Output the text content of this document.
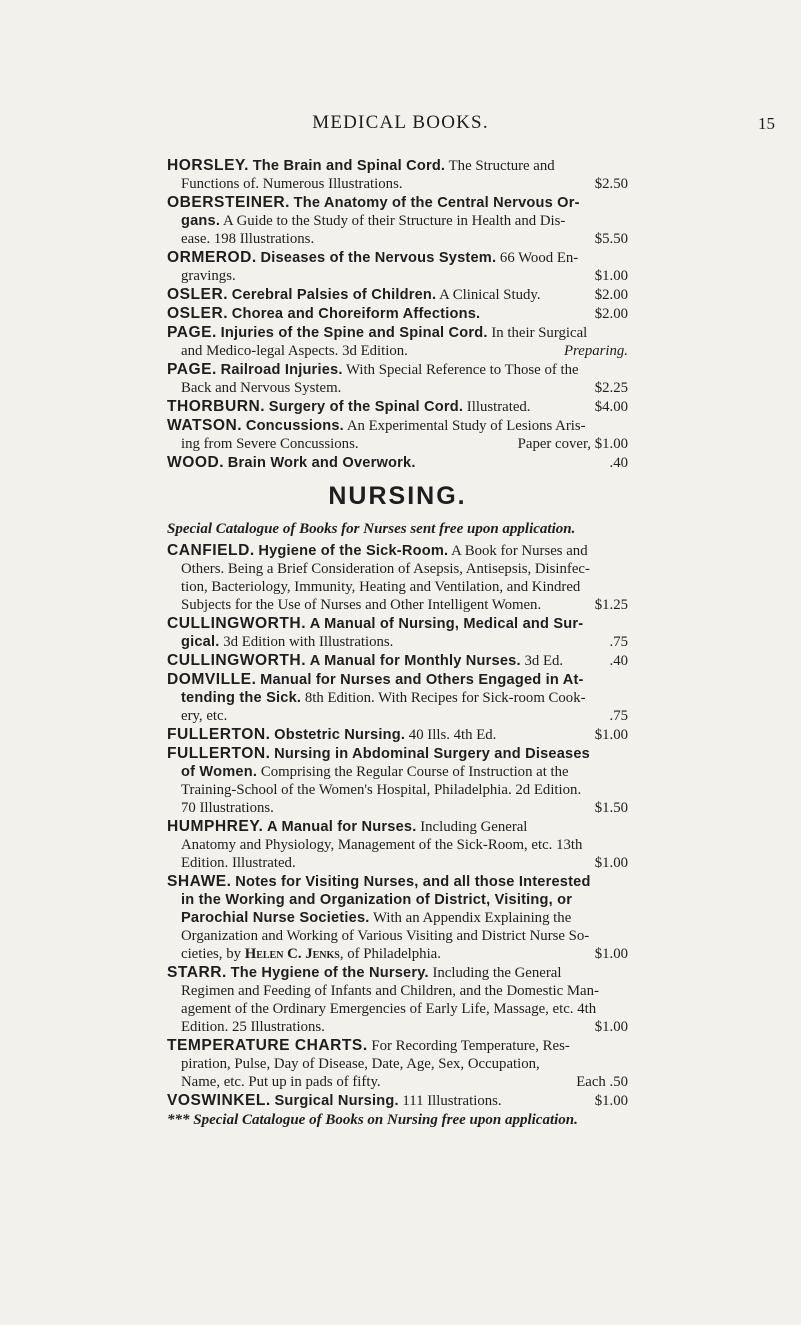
MEDICAL BOOKS.	15

HORSLEY. The Brain and Spinal Cord. The Structure and
Functions of. Numerous Illustrations.	$2.50

OBERSTEINER. The Anatomy of the Central Nervous Or-
gans. A Guide to the Study of their Structure in Health and Dis-
ease. 198 Illustrations.	$5.50

ORMEROD. Diseases of the Nervous System. 66 Wood En-
gravings.	$1.00

OSLER. Cerebral Palsies of Children. A Clinical Study.	$2.00

OSLER. Chorea and Choreiform Affections.	$2.00

PAGE. Injuries of the Spine and Spinal Cord. In their Surgical
and Medico-legal Aspects. 3d Edition.	Preparing.

PAGE. Railroad Injuries. With Special Reference to Those of the
Back and Nervous System.	$2.25

THORBURN. Surgery of the Spinal Cord. Illustrated.	$4.00

WATSON. Concussions. An Experimental Study of Lesions Aris-
ing from Severe Concussions.	Paper cover, $1.00

WOOD. Brain Work and Overwork.	.40

NURSING.
Special Catalogue of Books for Nurses sent free upon application.

CANFIELD. Hygiene of the Sick-Room. A Book for Nurses and
Others. Being a Brief Consideration of Asepsis, Antisepsis, Disinfec-
tion, Bacteriology, Immunity, Heating and Ventilation, and Kindred
Subjects for the Use of Nurses and Other Intelligent Women.	$1.25

CULLINGWORTH. A Manual of Nursing, Medical and Sur-
gical. 3d Edition with Illustrations.	.75

CULLINGWORTH. A Manual for Monthly Nurses. 3d Ed.	.40

DOMVILLE. Manual for Nurses and Others Engaged in At-
tending the Sick. 8th Edition. With Recipes for Sick-room Cook-
ery, etc.	.75

FULLERTON. Obstetric Nursing. 40 Ills. 4th Ed.	$1.00

FULLERTON. Nursing in Abdominal Surgery and Diseases
of Women. Comprising the Regular Course of Instruction at the
Training-School of the Women's Hospital, Philadelphia. 2d Edition.
70 Illustrations.	$1.50

HUMPHREY. A Manual for Nurses. Including General
Anatomy and Physiology, Management of the Sick-Room, etc. 13th
Edition. Illustrated.	$1.00

SHAWE. Notes for Visiting Nurses, and all those Interested
in the Working and Organization of District, Visiting, or
Parochial Nurse Societies. With an Appendix Explaining the
Organization and Working of Various Visiting and District Nurse So-
cieties, by Helen C. Jenks, of Philadelphia.	$1.00

STARR. The Hygiene of the Nursery. Including the General
Regimen and Feeding of Infants and Children, and the Domestic Man-
agement of the Ordinary Emergencies of Early Life, Massage, etc. 4th
Edition. 25 Illustrations.	$1.00

TEMPERATURE CHARTS. For Recording Temperature, Res-
piration, Pulse, Day of Disease, Date, Age, Sex, Occupation,
Name, etc. Put up in pads of fifty.	Each .50

VOSWINKEL. Surgical Nursing. 111 Illustrations.	$1.00

*** Special Catalogue of Books on Nursing free upon application.
